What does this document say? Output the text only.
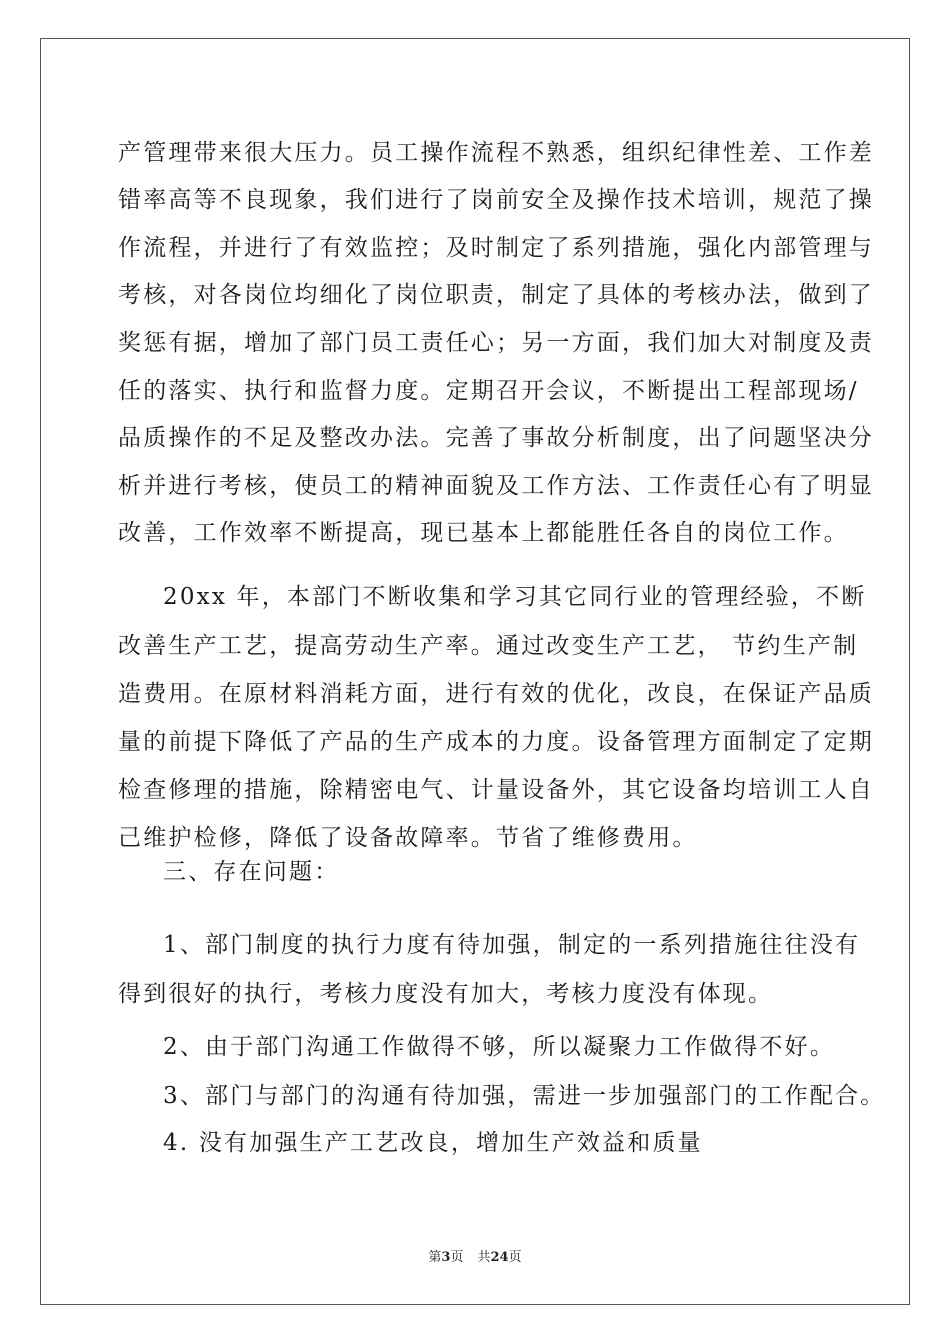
产管理带来很大压力。员工操作流程不熟悉，组织纪律性差、工作差
错率高等不良现象，我们进行了岗前安全及操作技术培训，规范了操
作流程，并进行了有效监控；及时制定了系列措施，强化内部管理与
考核，对各岗位均细化了岗位职责，制定了具体的考核办法，做到了
奖惩有据，增加了部门员工责任心；另一方面，我们加大对制度及责
任的落实、执行和监督力度。定期召开会议，不断提出工程部现场/
品质操作的不足及整改办法。完善了事故分析制度，出了问题坚决分
析并进行考核，使员工的精神面貌及工作方法、工作责任心有了明显
改善，工作效率不断提高，现已基本上都能胜任各自的岗位工作。
20xx 年，本部门不断收集和学习其它同行业的管理经验，不断
改善生产工艺，提高劳动生产率。通过改变生产工艺， 节约生产制
造费用。在原材料消耗方面，进行有效的优化，改良，在保证产品质
量的前提下降低了产品的生产成本的力度。设备管理方面制定了定期
检查修理的措施，除精密电气、计量设备外，其它设备均培训工人自
己维护检修，降低了设备故障率。节省了维修费用。
三、存在问题：
1、部门制度的执行力度有待加强，制定的一系列措施往往没有
得到很好的执行，考核力度没有加大，考核力度没有体现。
2、由于部门沟通工作做得不够，所以凝聚力工作做得不好。
3、部门与部门的沟通有待加强，需进一步加强部门的工作配合。
4. 没有加强生产工艺改良，增加生产效益和质量
第3页 共24页
